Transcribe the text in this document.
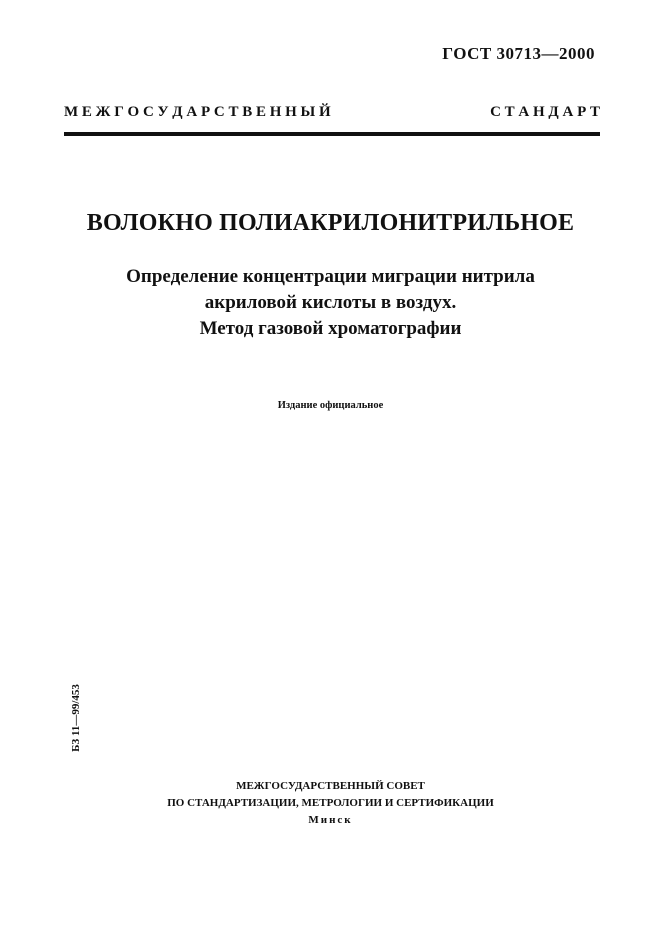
ГОСТ 30713—2000
М Е Ж Г О С У Д А Р С Т В Е Н Н Ы Й	С Т А Н Д А Р Т
ВОЛОКНО ПОЛИАКРИЛОНИТРИЛЬНОЕ
Определение концентрации миграции нитрила
акриловой кислоты в воздух.
Метод газовой хроматографии
Издание официальное
БЗ 11—99/453
МЕЖГОСУДАРСТВЕННЫЙ СОВЕТ
ПО СТАНДАРТИЗАЦИИ, МЕТРОЛОГИИ И СЕРТИФИКАЦИИ
Минск
